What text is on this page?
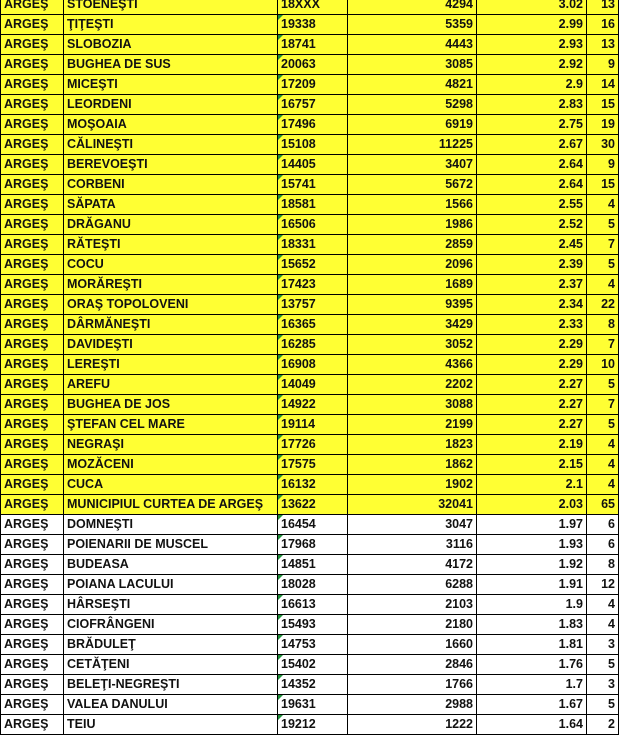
ARGEŞ	STOENEŞTI	18XXX	4294	3.02	13
ARGEŞ	ŢIŢEŞTI	19338	5359	2.99	16
ARGEŞ	SLOBOZIA	18741	4443	2.93	13
ARGEŞ	BUGHEA DE SUS	20063	3085	2.92	9
ARGEŞ	MICEŞTI	17209	4821	2.9	14
ARGEŞ	LEORDENI	16757	5298	2.83	15
ARGEŞ	MOŞOAIA	17496	6919	2.75	19
ARGEŞ	CĂLINEŞTI	15108	11225	2.67	30
ARGEŞ	BEREVOEŞTI	14405	3407	2.64	9
ARGEŞ	CORBENI	15741	5672	2.64	15
ARGEŞ	SĂPATA	18581	1566	2.55	4
ARGEŞ	DRĂGANU	16506	1986	2.52	5
ARGEŞ	RĂTEŞTI	18331	2859	2.45	7
ARGEŞ	COCU	15652	2096	2.39	5
ARGEŞ	MORĂREŞTI	17423	1689	2.37	4
ARGEŞ	ORAŞ TOPOLOVENI	13757	9395	2.34	22
ARGEŞ	DÂRMĂNEŞTI	16365	3429	2.33	8
ARGEŞ	DAVIDEŞTI	16285	3052	2.29	7
ARGEŞ	LEREŞTI	16908	4366	2.29	10
ARGEŞ	AREFU	14049	2202	2.27	5
ARGEŞ	BUGHEA DE JOS	14922	3088	2.27	7
ARGEŞ	ŞTEFAN CEL MARE	19114	2199	2.27	5
ARGEŞ	NEGRAŞI	17726	1823	2.19	4
ARGEŞ	MOZĂCENI	17575	1862	2.15	4
ARGEŞ	CUCA	16132	1902	2.1	4
ARGEŞ	MUNICIPIUL CURTEA DE ARGEŞ	13622	32041	2.03	65
ARGEŞ	DOMNEŞTI	16454	3047	1.97	6
ARGEŞ	POIENARII DE MUSCEL	17968	3116	1.93	6
ARGEŞ	BUDEASA	14851	4172	1.92	8
ARGEŞ	POIANA LACULUI	18028	6288	1.91	12
ARGEŞ	HÂRSEŞTI	16613	2103	1.9	4
ARGEŞ	CIOFRÂNGENI	15493	2180	1.83	4
ARGEŞ	BRĂDULEŢ	14753	1660	1.81	3
ARGEŞ	CETĂŢENI	15402	2846	1.76	5
ARGEŞ	BELEŢI-NEGREŞTI	14352	1766	1.7	3
ARGEŞ	VALEA DANULUI	19631	2988	1.67	5
ARGEŞ	TEIU	19212	1222	1.64	2
